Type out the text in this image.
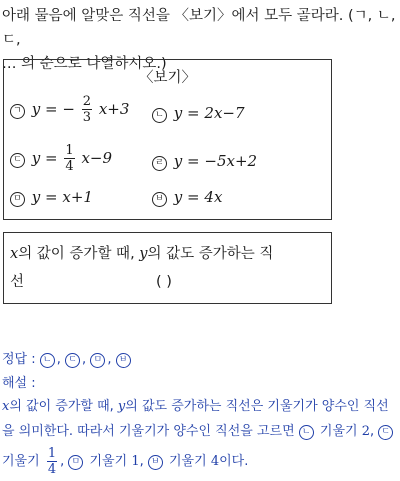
아래 물음에 알맞은 직선을 〈보기〉에서 모두 골라라. (ㄱ, ㄴ, ㄷ,
… 의 순으로 나열하시오.)
〈보기〉
ㄱ y = − $\frac{2}{3} x+3$	ㄴ y = 2x−7
ㄷ $y = \frac{1}{4} x-9$	ㄹ y = −5x+2
ㅁ y = x+1	ㅂ y = 4x
x의 값이 증가할 때, y의 값도 증가하는 직
선	( )
정답 : ㄴ , ㄷ , ㅁ , ㅂ
해설 :
x의 값이 증가할 때, y의 값도 증가하는 직선은 기울기가 양수인 직선
을 의미한다. 따라서 기울기가 양수인 직선을 고르면 ㄴ 기울기 2, ㄷ
기울기 $\frac{1}{4}$ , ㅁ 기울기 1, ㅂ 기울기 4이다.
